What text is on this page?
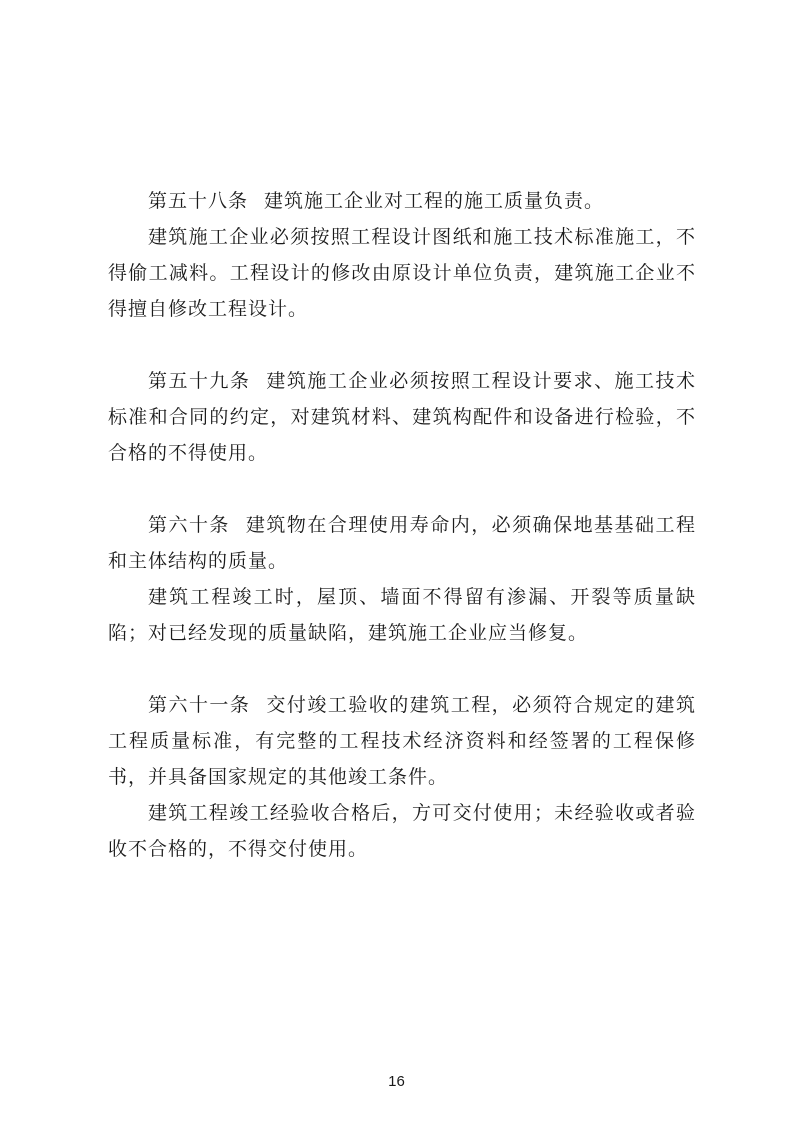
第五十八条 建筑施工企业对工程的施工质量负责。

建筑施工企业必须按照工程设计图纸和施工技术标准施工，不得偷工减料。工程设计的修改由原设计单位负责，建筑施工企业不得擅自修改工程设计。

第五十九条 建筑施工企业必须按照工程设计要求、施工技术标准和合同的约定，对建筑材料、建筑构配件和设备进行检验，不合格的不得使用。

第六十条 建筑物在合理使用寿命内，必须确保地基基础工程和主体结构的质量。

建筑工程竣工时，屋顶、墙面不得留有渗漏、开裂等质量缺陷；对已经发现的质量缺陷，建筑施工企业应当修复。

第六十一条 交付竣工验收的建筑工程，必须符合规定的建筑工程质量标准，有完整的工程技术经济资料和经签署的工程保修书，并具备国家规定的其他竣工条件。

建筑工程竣工经验收合格后，方可交付使用；未经验收或者验收不合格的，不得交付使用。

16
